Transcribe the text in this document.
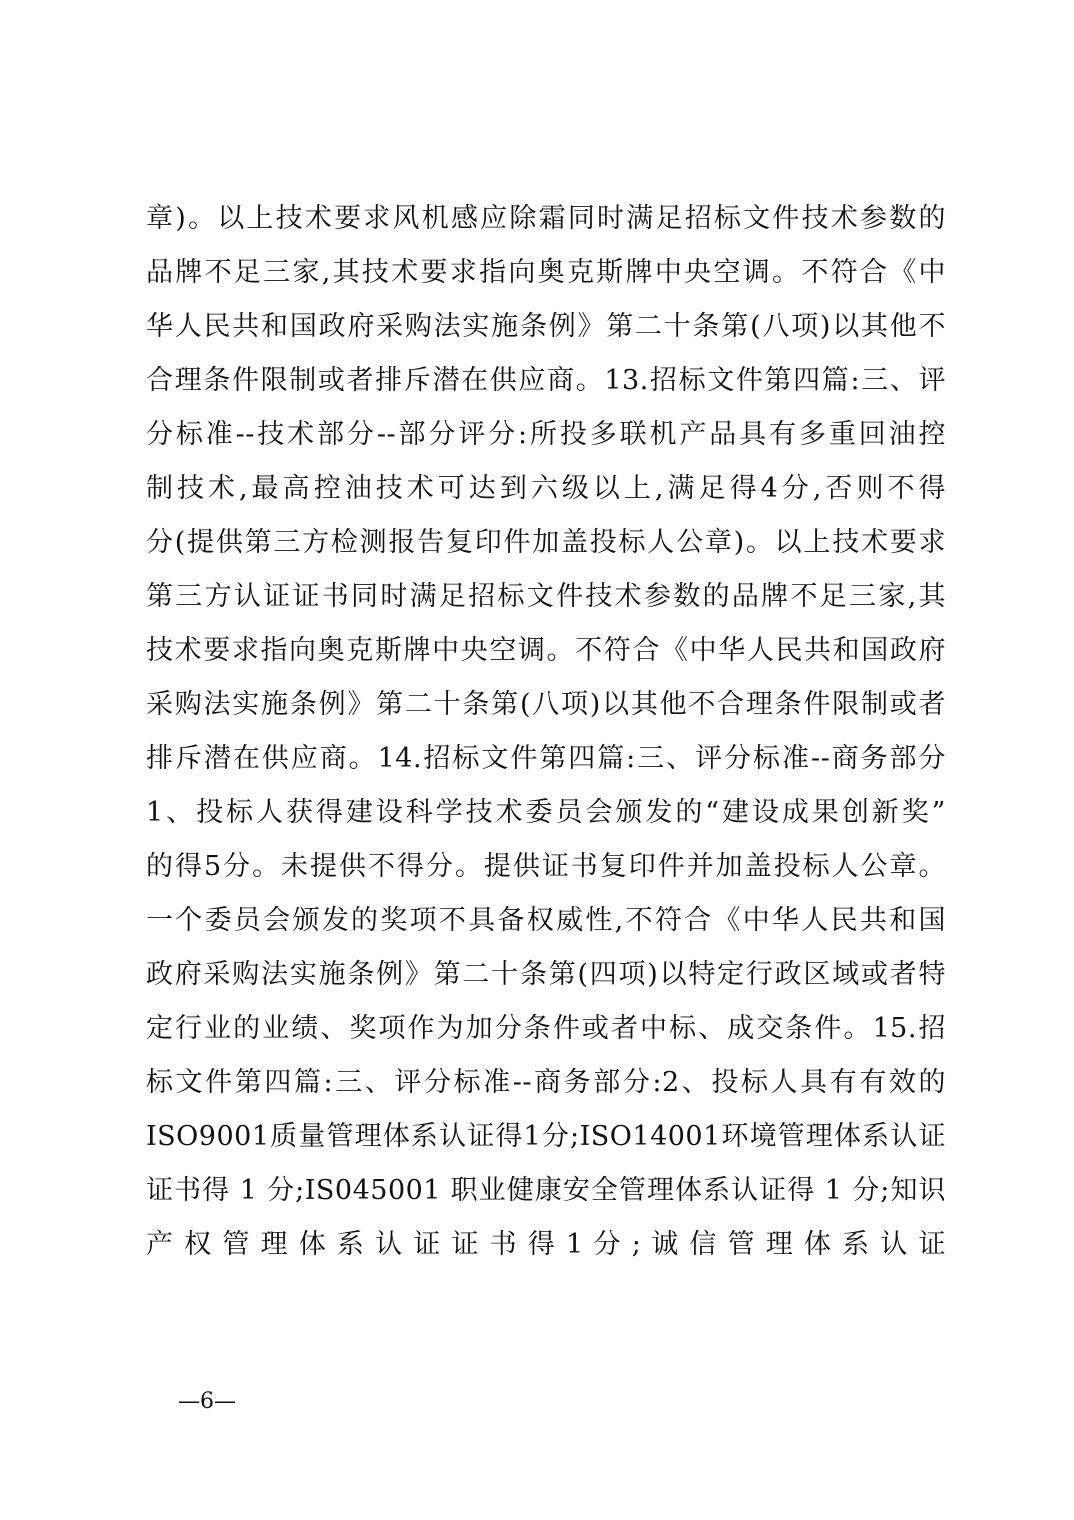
章)。以上技术要求风机感应除霜同时满足招标文件技术参数的
品牌不足三家,其技术要求指向奥克斯牌中央空调。不符合《中
华人民共和国政府采购法实施条例》第二十条第(八项)以其他不
合理条件限制或者排斥潜在供应商。13.招标文件第四篇:三、评
分标准--技术部分--部分评分:所投多联机产品具有多重回油控
制技术,最高控油技术可达到六级以上,满足得4分,否则不得
分(提供第三方检测报告复印件加盖投标人公章)。以上技术要求
第三方认证证书同时满足招标文件技术参数的品牌不足三家,其
技术要求指向奥克斯牌中央空调。不符合《中华人民共和国政府
采购法实施条例》第二十条第(八项)以其他不合理条件限制或者
排斥潜在供应商。14.招标文件第四篇:三、评分标准--商务部分
1、投标人获得建设科学技术委员会颁发的“建设成果创新奖”
的得5分。未提供不得分。提供证书复印件并加盖投标人公章。
一个委员会颁发的奖项不具备权威性,不符合《中华人民共和国
政府采购法实施条例》第二十条第(四项)以特定行政区域或者特
定行业的业绩、奖项作为加分条件或者中标、成交条件。15.招
标文件第四篇:三、评分标准--商务部分:2、投标人具有有效的
ISO9001质量管理体系认证得1分;ISO14001环境管理体系认证
证书得 1 分;IS045001 职业健康安全管理体系认证得 1 分;知识
产 权 管 理 体 系 认 证 证 书 得 1 分 ; 诚 信 管 理 体 系 认 证
—6—
